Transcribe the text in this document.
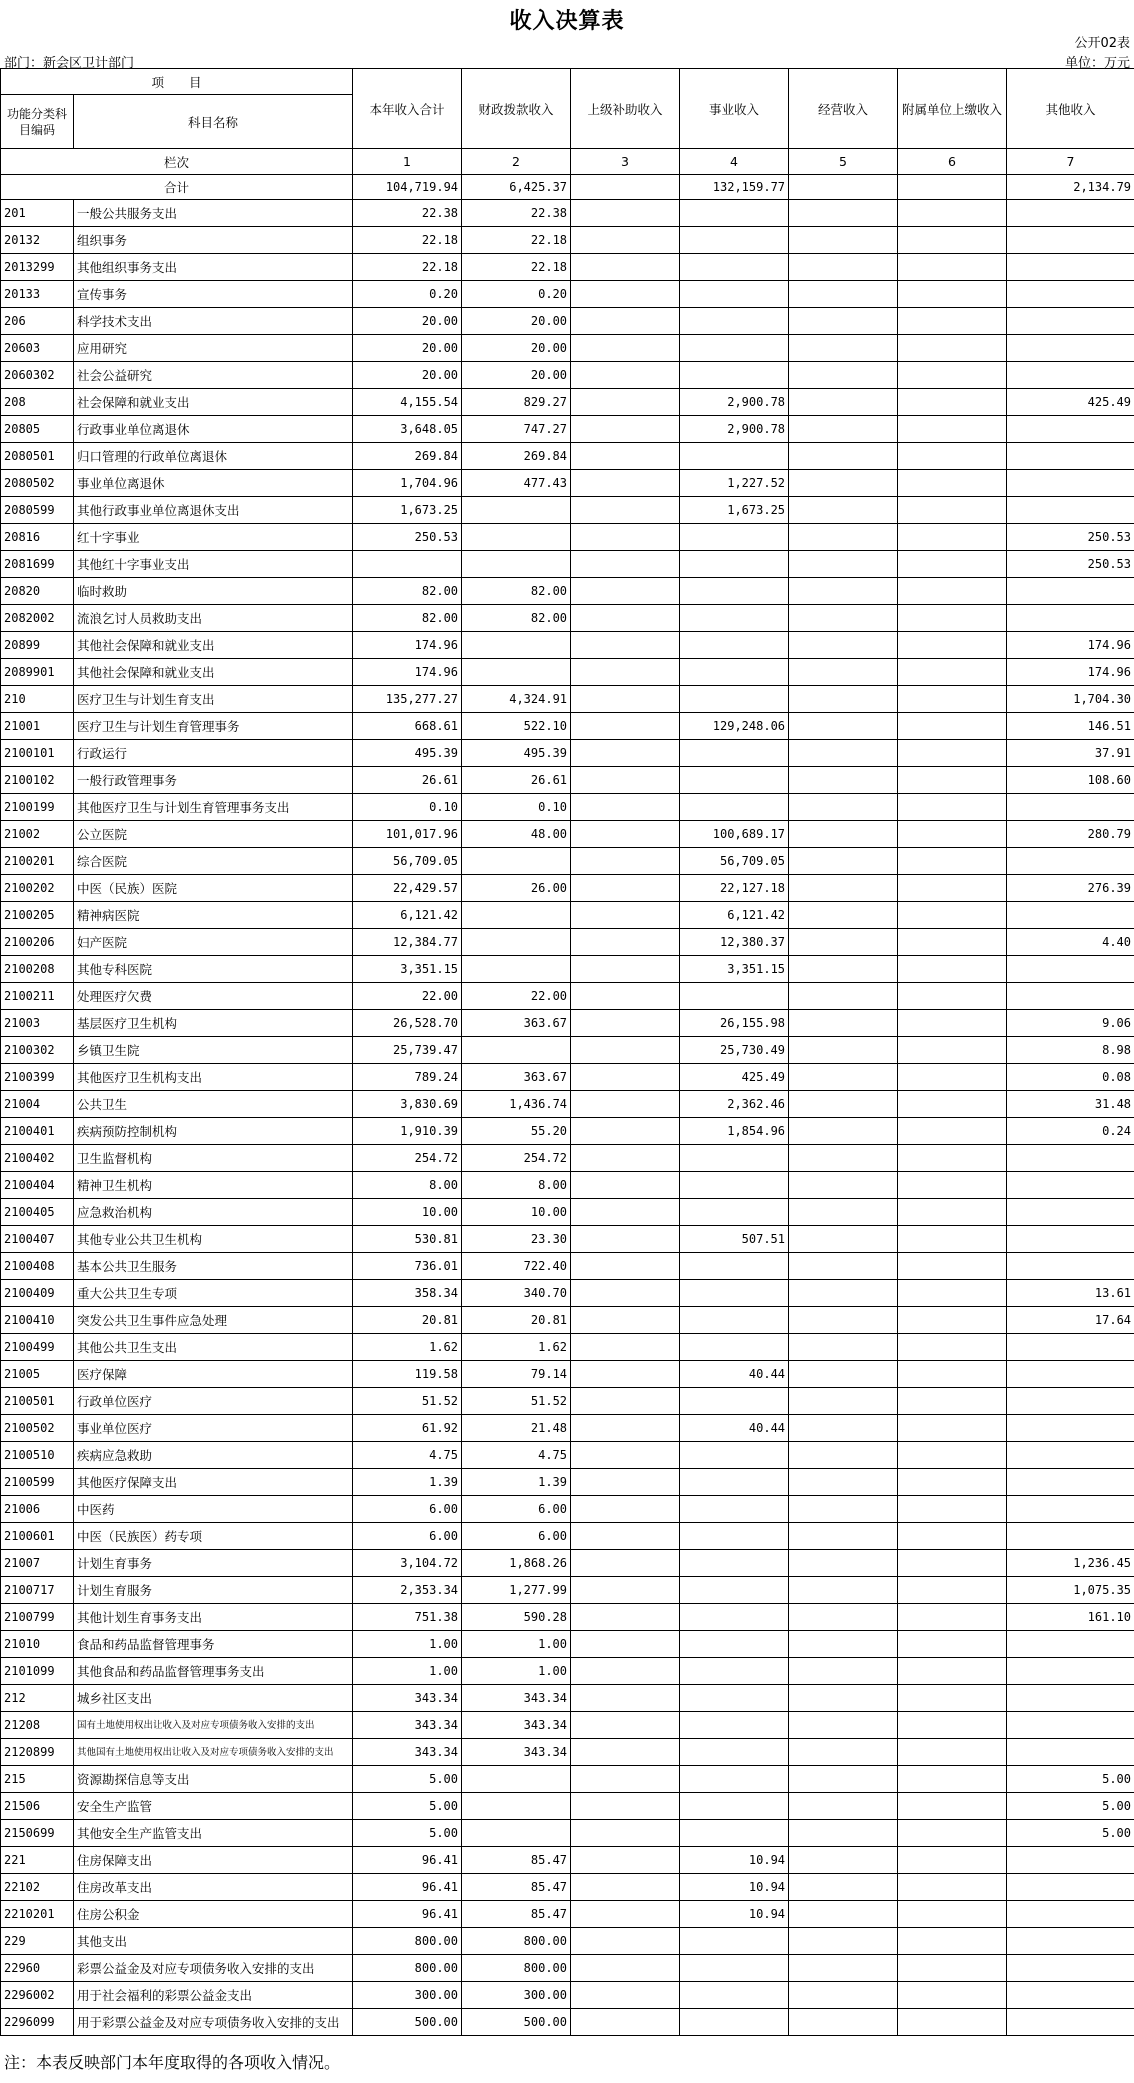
收入决算表
公开02表
部门：新会区卫计部门	单位：万元
项　　目		本年收入合计	财政拨款收入	上级补助收入	事业收入	经营收入	附属单位上缴收入	其他收入
功能分类科目编码	科目名称							
栏次		1	2	3	4	5	6	7
合计		104,719.94	6,425.37		132,159.77			2,134.79
201	一般公共服务支出	22.38	22.38					
20132	组织事务	22.18	22.18					
2013299	其他组织事务支出	22.18	22.18					
20133	宣传事务	0.20	0.20					
206	科学技术支出	20.00	20.00					
20603	应用研究	20.00	20.00					
2060302	社会公益研究	20.00	20.00					
208	社会保障和就业支出	4,155.54	829.27		2,900.78			425.49
20805	行政事业单位离退休	3,648.05	747.27		2,900.78			
2080501	归口管理的行政单位离退休	269.84	269.84					
2080502	事业单位离退休	1,704.96	477.43		1,227.52			
2080599	其他行政事业单位离退休支出	1,673.25			1,673.25			
20816	红十字事业	250.53						250.53
2081699	其他红十字事业支出							250.53
20820	临时救助	82.00	82.00					
2082002	流浪乞讨人员救助支出	82.00	82.00					
20899	其他社会保障和就业支出	174.96						174.96
2089901	其他社会保障和就业支出	174.96						174.96
210	医疗卫生与计划生育支出	135,277.27	4,324.91					1,704.30
21001	医疗卫生与计划生育管理事务	668.61	522.10		129,248.06			146.51
2100101	行政运行	495.39	495.39					37.91
2100102	一般行政管理事务	26.61	26.61					108.60
2100199	其他医疗卫生与计划生育管理事务支出	0.10	0.10					
21002	公立医院	101,017.96	48.00		100,689.17			280.79
2100201	综合医院	56,709.05			56,709.05			
2100202	中医（民族）医院	22,429.57	26.00		22,127.18			276.39
2100205	精神病医院	6,121.42			6,121.42			
2100206	妇产医院	12,384.77			12,380.37			4.40
2100208	其他专科医院	3,351.15			3,351.15			
2100211	处理医疗欠费	22.00	22.00					
21003	基层医疗卫生机构	26,528.70	363.67		26,155.98			9.06
2100302	乡镇卫生院	25,739.47			25,730.49			8.98
2100399	其他医疗卫生机构支出	789.24	363.67		425.49			0.08
21004	公共卫生	3,830.69	1,436.74		2,362.46			31.48
2100401	疾病预防控制机构	1,910.39	55.20		1,854.96			0.24
2100402	卫生监督机构	254.72	254.72					
2100404	精神卫生机构	8.00	8.00					
2100405	应急救治机构	10.00	10.00					
2100407	其他专业公共卫生机构	530.81	23.30		507.51			
2100408	基本公共卫生服务	736.01	722.40					
2100409	重大公共卫生专项	358.34	340.70					13.61
2100410	突发公共卫生事件应急处理	20.81	20.81					17.64
2100499	其他公共卫生支出	1.62	1.62					
21005	医疗保障	119.58	79.14		40.44			
2100501	行政单位医疗	51.52	51.52					
2100502	事业单位医疗	61.92	21.48		40.44			
2100510	疾病应急救助	4.75	4.75					
2100599	其他医疗保障支出	1.39	1.39					
21006	中医药	6.00	6.00					
2100601	中医（民族医）药专项	6.00	6.00					
21007	计划生育事务	3,104.72	1,868.26					1,236.45
2100717	计划生育服务	2,353.34	1,277.99					1,075.35
2100799	其他计划生育事务支出	751.38	590.28					161.10
21010	食品和药品监督管理事务	1.00	1.00					
2101099	其他食品和药品监督管理事务支出	1.00	1.00					
212	城乡社区支出	343.34	343.34					
21208	国有土地使用权出让收入及对应专项债务收入安排的支出	343.34	343.34					
2120899	其他国有土地使用权出让收入及对应专项债务收入安排的支出	343.34	343.34					
215	资源勘探信息等支出	5.00						5.00
21506	安全生产监管	5.00						5.00
2150699	其他安全生产监管支出	5.00						5.00
221	住房保障支出	96.41	85.47		10.94			
22102	住房改革支出	96.41	85.47		10.94			
2210201	住房公积金	96.41	85.47		10.94			
229	其他支出	800.00	800.00					
22960	彩票公益金及对应专项债务收入安排的支出	800.00	800.00					
2296002	用于社会福利的彩票公益金支出	300.00	300.00					
2296099	用于彩票公益金及对应专项债务收入安排的支出	500.00	500.00					
注：本表反映部门本年度取得的各项收入情况。
